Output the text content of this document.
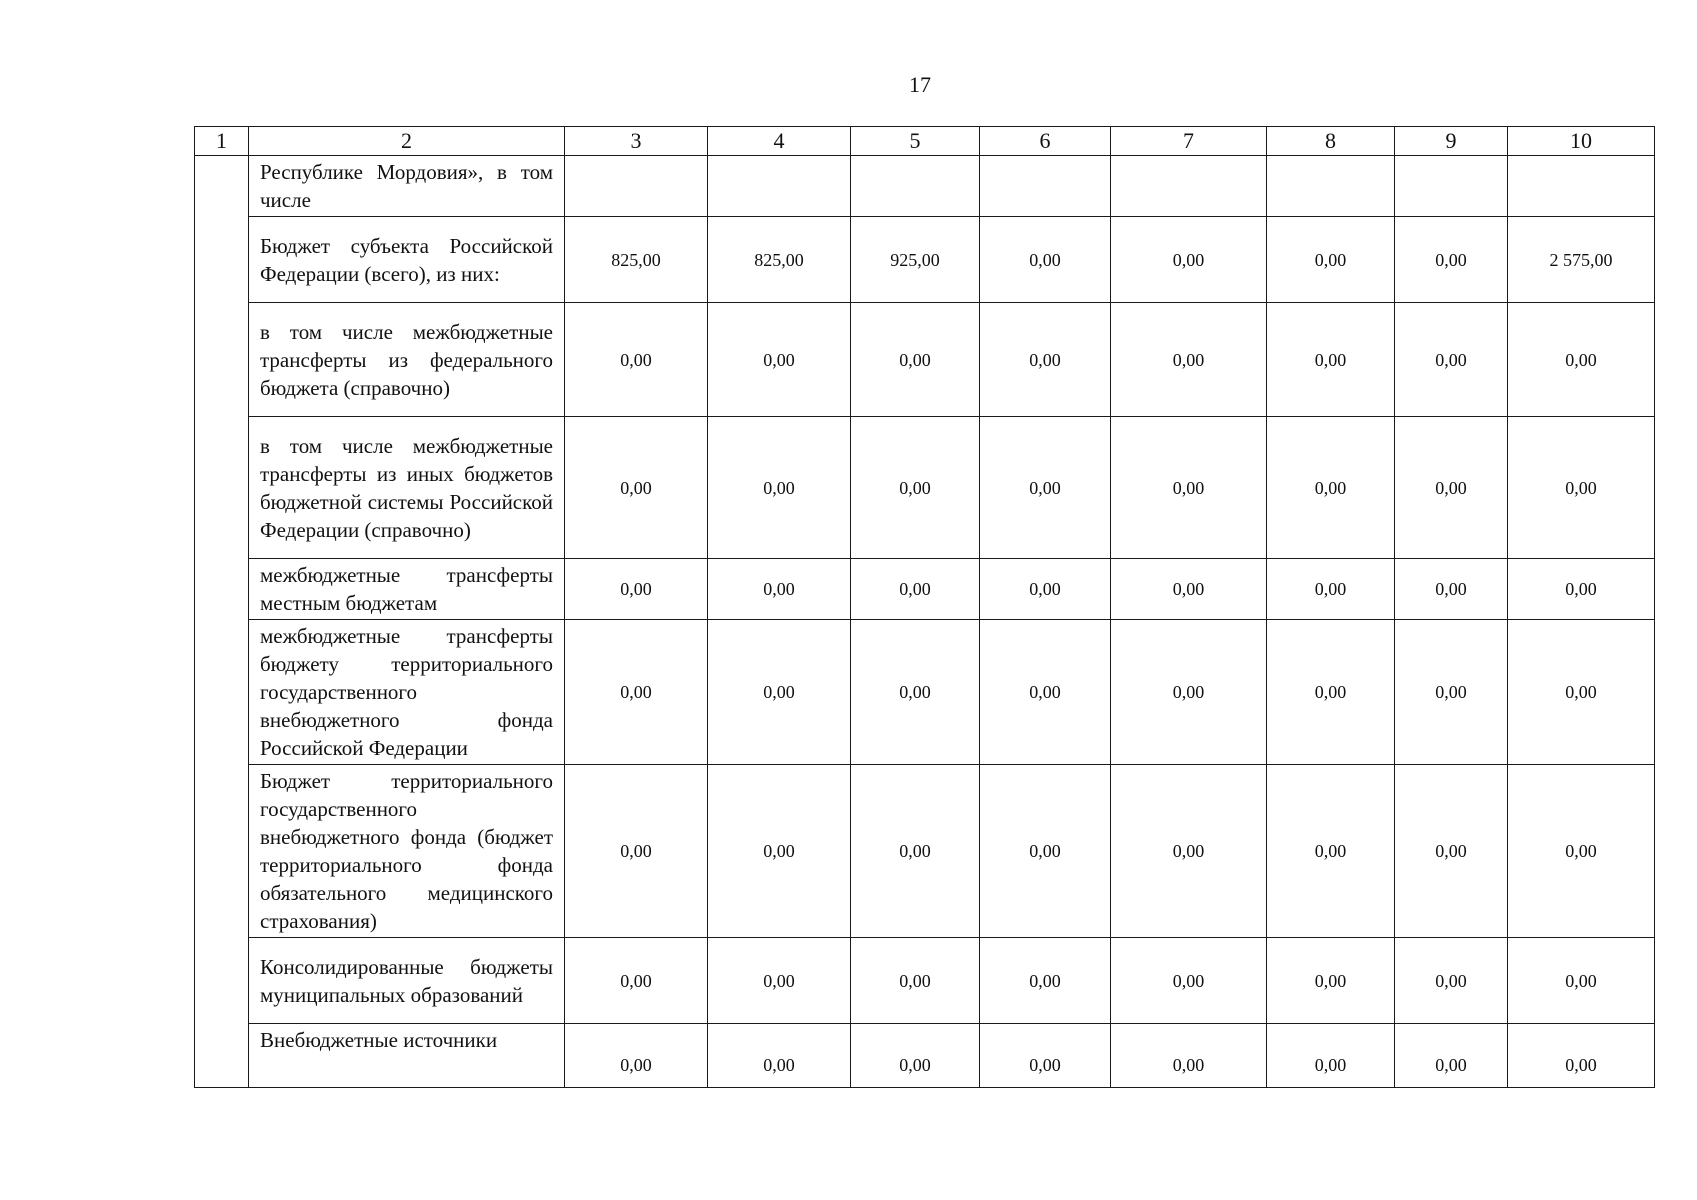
17
1	2	3	4	5	6	7	8	9	10
	Республике Мордовия», в том числе								
	Бюджет субъекта Российской Федерации (всего), из них:	825,00	825,00	925,00	0,00	0,00	0,00	0,00	2 575,00
	в том числе межбюджетные трансферты из федерального бюджета (справочно)	0,00	0,00	0,00	0,00	0,00	0,00	0,00	0,00
	в том числе межбюджетные трансферты из иных бюджетов бюджетной системы Российской Федерации (справочно)	0,00	0,00	0,00	0,00	0,00	0,00	0,00	0,00
	межбюджетные трансферты местным бюджетам	0,00	0,00	0,00	0,00	0,00	0,00	0,00	0,00
	межбюджетные трансферты бюджету территориального государственного внебюджетного фонда Российской Федерации	0,00	0,00	0,00	0,00	0,00	0,00	0,00	0,00
	Бюджет территориального государственного внебюджетного фонда (бюджет территориального фонда обязательного медицинского страхования)	0,00	0,00	0,00	0,00	0,00	0,00	0,00	0,00
	Консолидированные бюджеты муниципальных образований	0,00	0,00	0,00	0,00	0,00	0,00	0,00	0,00
	Внебюджетные источники	0,00	0,00	0,00	0,00	0,00	0,00	0,00	0,00
